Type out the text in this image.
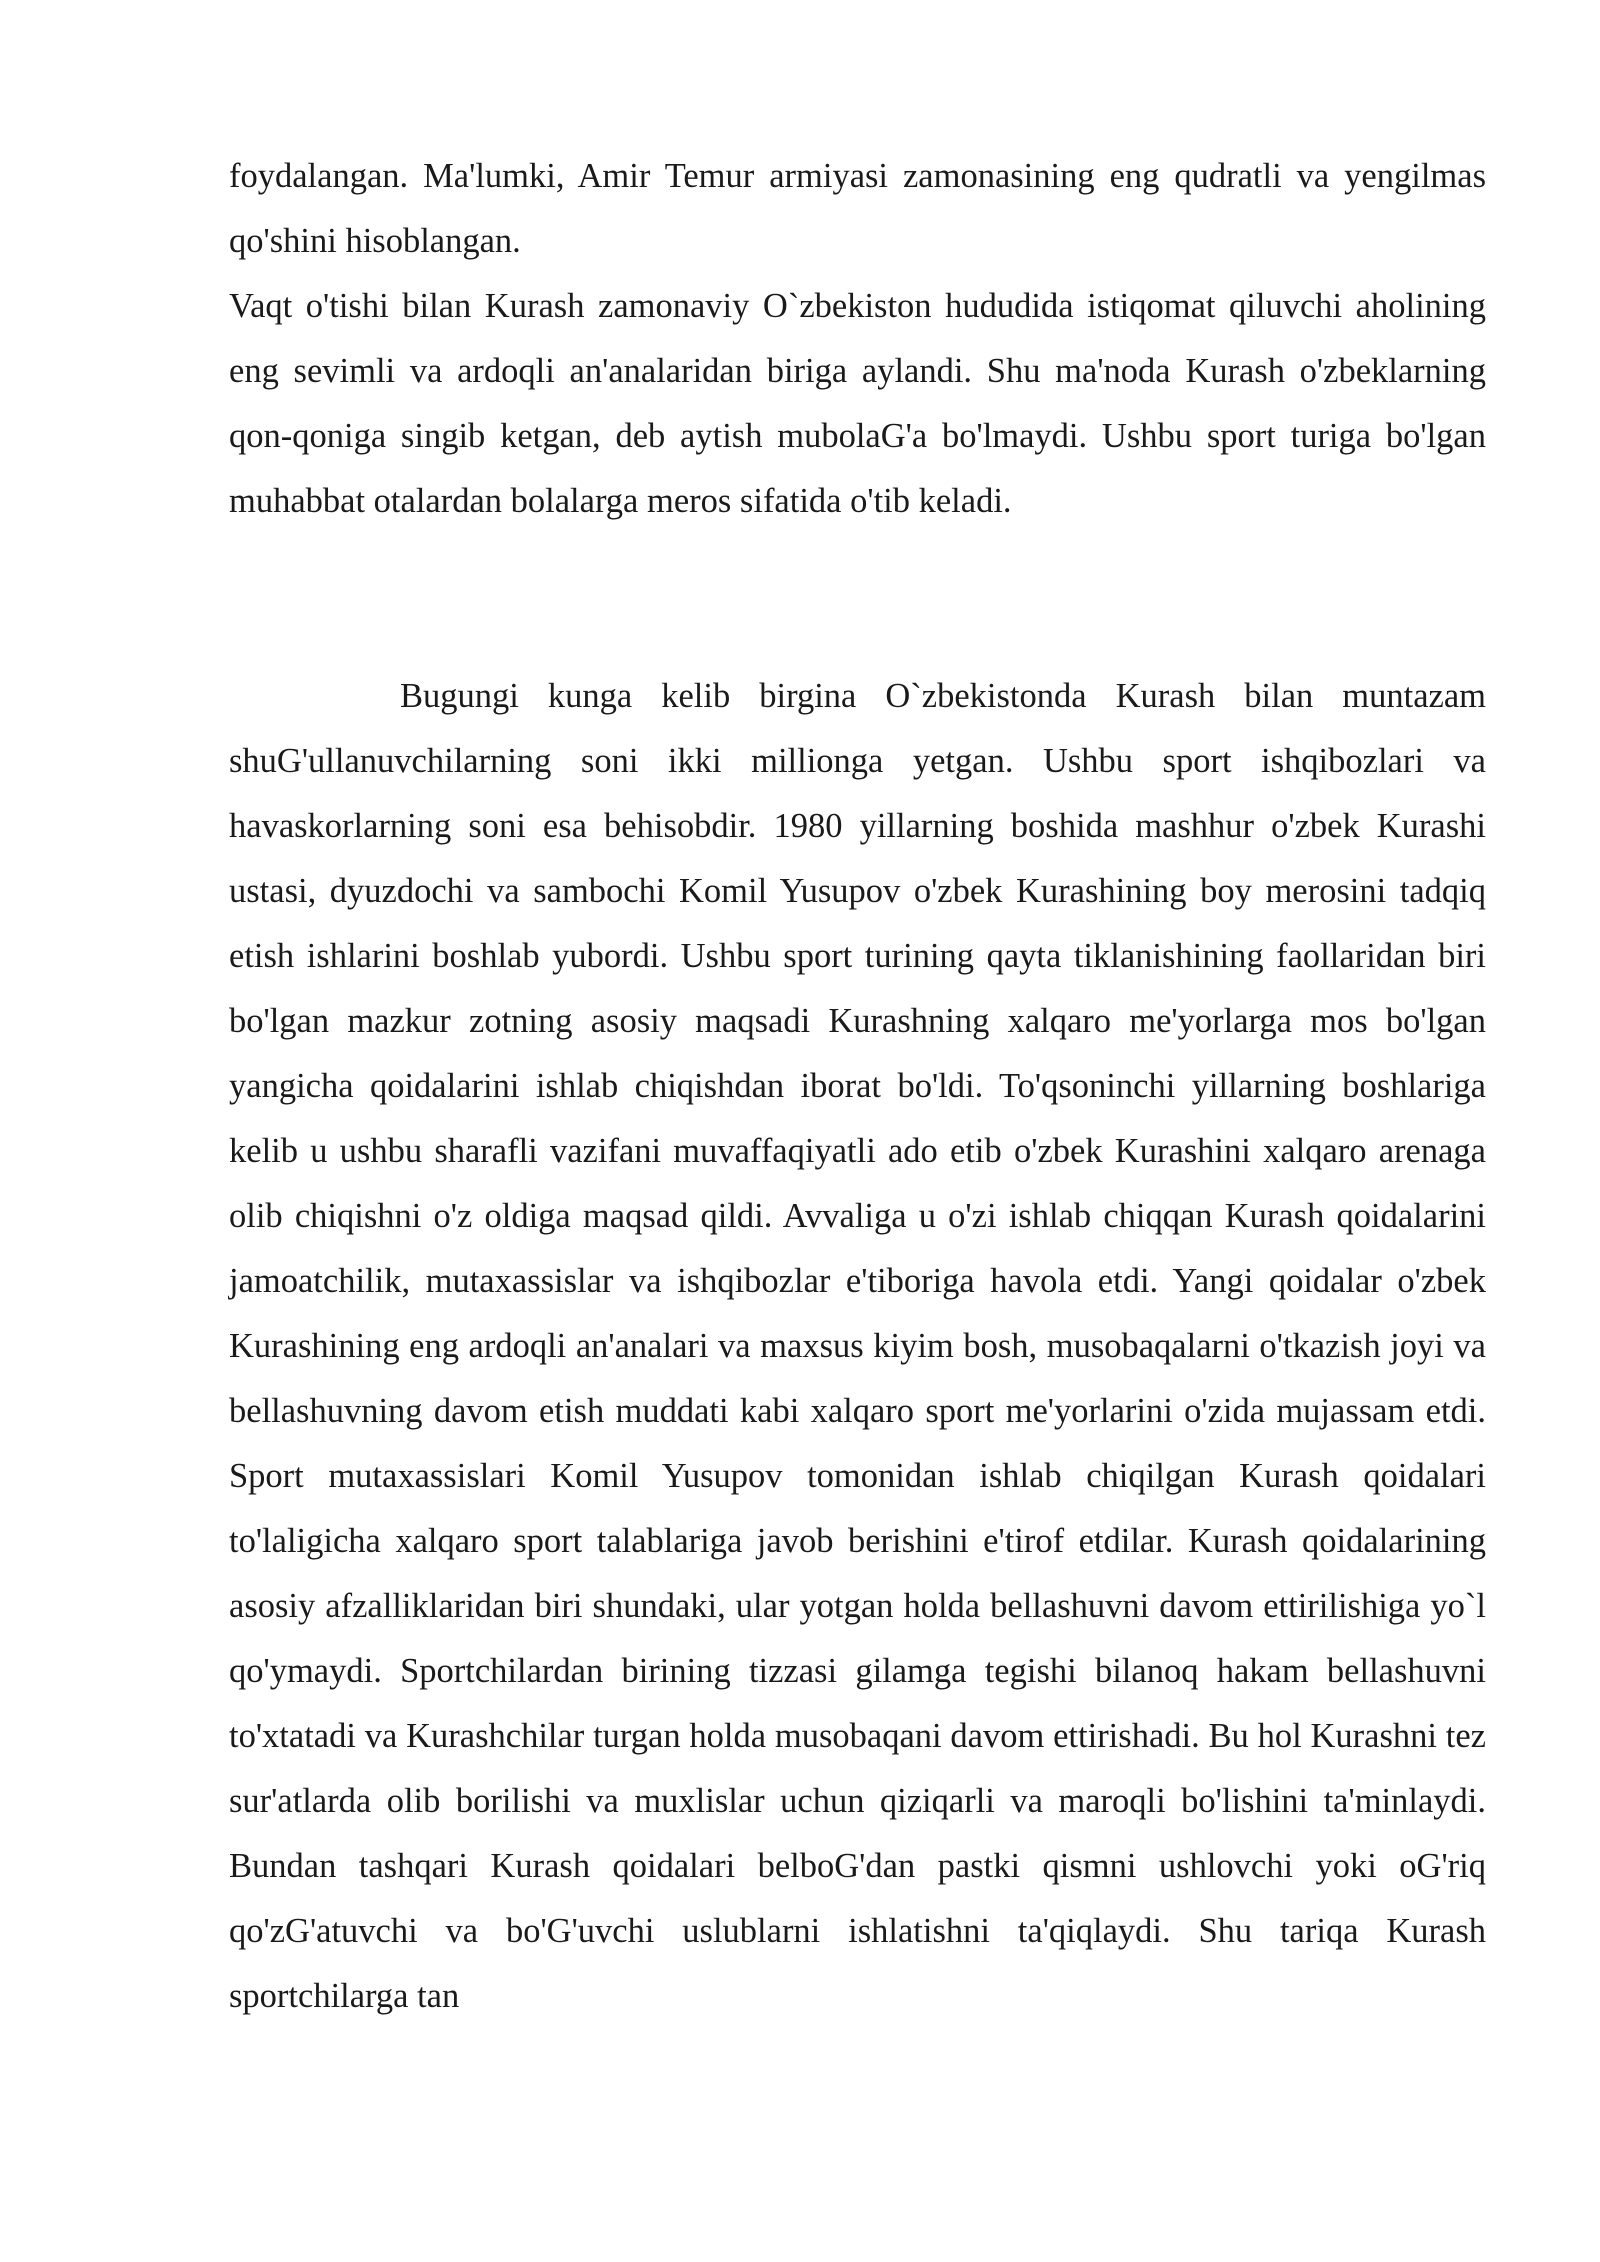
foydalangan. Ma'lumki, Amir Temur armiyasi zamonasining eng qudratli va yengilmas qo'shini hisoblangan.

Vaqt o'tishi bilan Kurash zamonaviy O`zbekiston hududida istiqomat qiluvchi aholining eng sevimli va ardoqli an'analaridan biriga aylandi. Shu ma'noda Kurash o'zbeklarning qon-qoniga singib ketgan, deb aytish mubolaG'a bo'lmaydi. Ushbu sport turiga bo'lgan muhabbat otalardan bolalarga meros sifatida o'tib keladi.

Bugungi kunga kelib birgina O`zbekistonda Kurash bilan muntazam shuG'ullanuvchilarning soni ikki millionga yetgan. Ushbu sport ishqibozlari va havaskorlarning soni esa behisobdir. 1980 yillarning boshida mashhur o'zbek Kurashi ustasi, dyuzdochi va sambochi Komil Yusupov o'zbek Kurashining boy merosini tadqiq etish ishlarini boshlab yubordi. Ushbu sport turining qayta tiklanishining faollaridan biri bo'lgan mazkur zotning asosiy maqsadi Kurashning xalqaro me'yorlarga mos bo'lgan yangicha qoidalarini ishlab chiqishdan iborat bo'ldi. To'qsoninchi yillarning boshlariga kelib u ushbu sharafli vazifani muvaffaqiyatli ado etib o'zbek Kurashini xalqaro arenaga olib chiqishni o'z oldiga maqsad qildi. Avvaliga u o'zi ishlab chiqqan Kurash qoidalarini jamoatchilik, mutaxassislar va ishqibozlar e'tiboriga havola etdi. Yangi qoidalar o'zbek Kurashining eng ardoqli an'analari va maxsus kiyim bosh, musobaqalarni o'tkazish joyi va bellashuvning davom etish muddati kabi xalqaro sport me'yorlarini o'zida mujassam etdi. Sport mutaxassislari Komil Yusupov tomonidan ishlab chiqilgan Kurash qoidalari to'laligicha xalqaro sport talablariga javob berishini e'tirof etdilar. Kurash qoidalarining asosiy afzalliklaridan biri shundaki, ular yotgan holda bellashuvni davom ettirilishiga yo`l qo'ymaydi. Sportchilardan birining tizzasi gilamga tegishi bilanoq hakam bellashuvni to'xtatadi va Kurashchilar turgan holda musobaqani davom ettirishadi. Bu hol Kurashni tez sur'atlarda olib borilishi va muxlislar uchun qiziqarli va maroqli bo'lishini ta'minlaydi. Bundan tashqari Kurash qoidalari belboG'dan pastki qismni ushlovchi yoki oG'riq qo'zG'atuvchi va bo'G'uvchi uslublarni ishlatishni ta'qiqlaydi. Shu tariqa Kurash sportchilarga tan
